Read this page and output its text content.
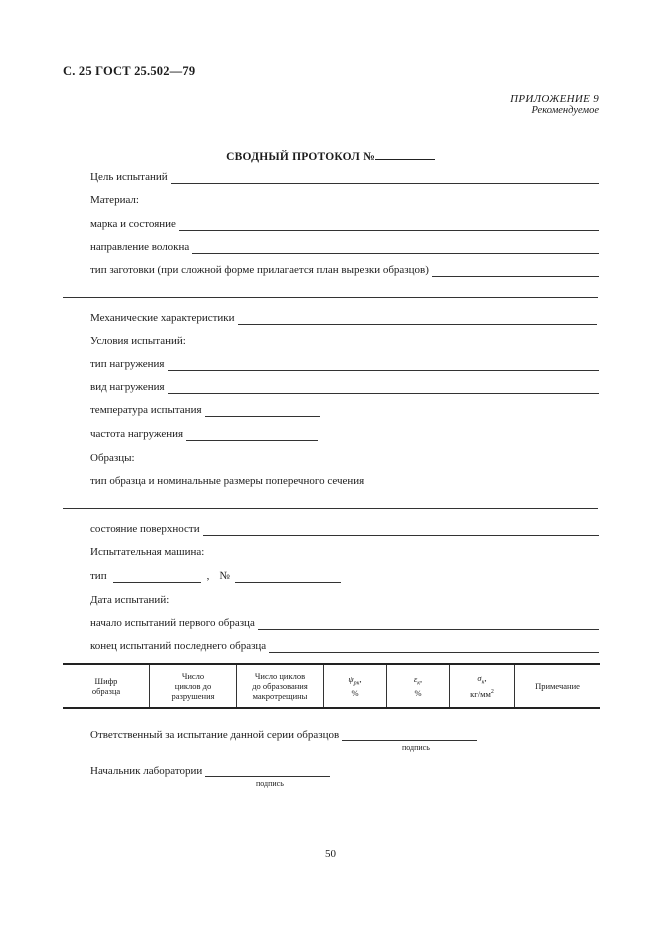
С. 25 ГОСТ 25.502—79
ПРИЛОЖЕНИЕ 9
Рекомендуемое
СВОДНЫЙ ПРОТОКОЛ №
Цель испытаний
Материал:
марка и состояние
направление волокна
тип заготовки (при сложной форме прилагается план вырезки образцов)
Механические характеристики
Условия испытаний:
тип нагружения
вид нагружения
температура испытания
частота нагружения
Образцы:
тип образца и номинальные размеры поперечного сечения
состояние поверхности
Испытательная машина:
тип	, №
Дата испытаний:
начало испытаний первого образца
конец испытаний последнего образца
Шифр
образца
Число
циклов до
разрушения
Число циклов
до образования
макротрещины
$\psi_{рк}$,
%
$\varepsilon_к$,
%
$\sigma_к$,
$кг/мм^2$
Примечание
Ответственный за испытание данной серии образцов
подпись
Начальник лаборатории
подпись
50
